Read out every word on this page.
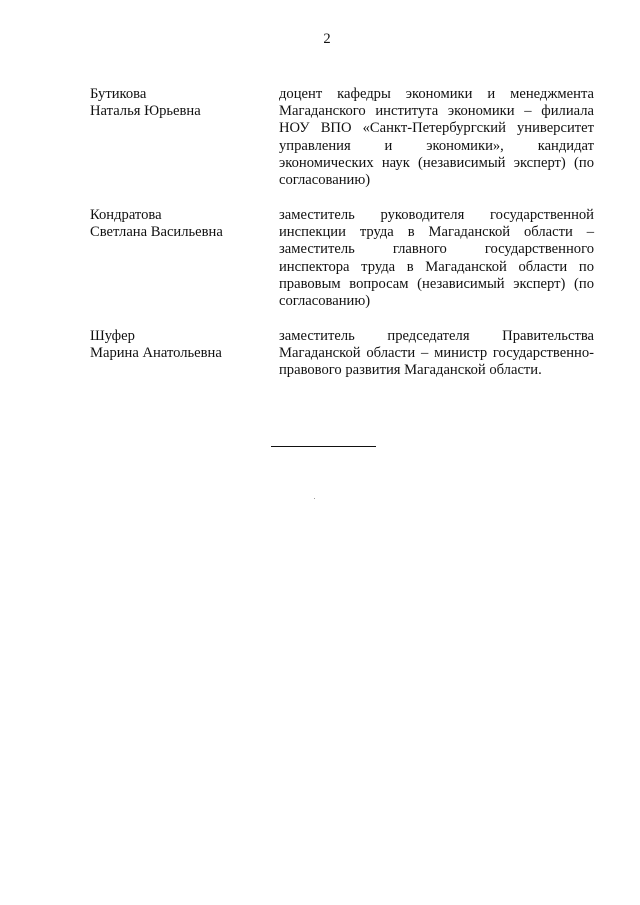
2
Бутикова
Наталья Юрьевна
доцент кафедры экономики и менеджмента Магаданского института экономики – филиала НОУ ВПО «Санкт-Петербургский университет управления и экономики», кандидат экономических наук (независимый эксперт) (по согласованию)
Кондратова
Светлана Васильевна
заместитель руководителя государственной инспекции труда в Магаданской области – заместитель главного государственного инспектора труда в Магаданской области по правовым вопросам (независимый эксперт) (по согласованию)
Шуфер
Марина Анатольевна
заместитель председателя Правительства Магаданской области – министр государственно-правового развития Магаданской области.
